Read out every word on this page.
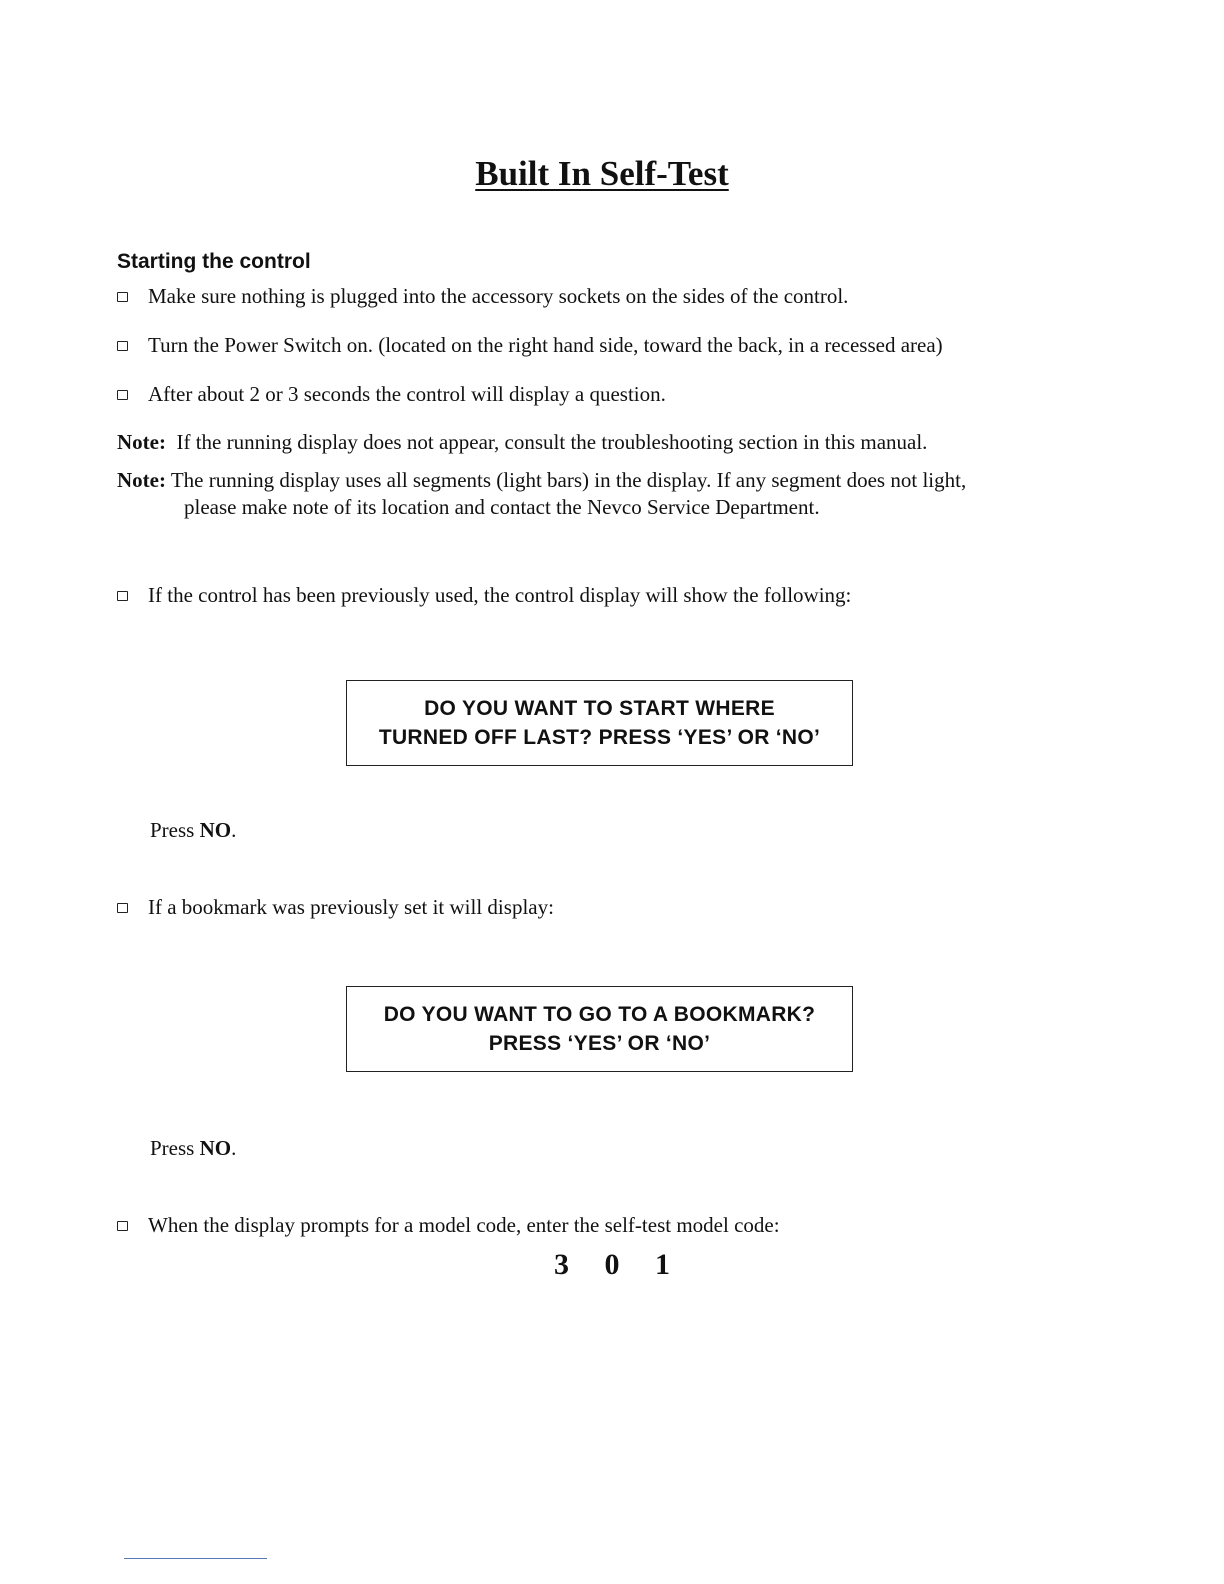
Built In Self-Test
Starting the control
Make sure nothing is plugged into the accessory sockets on the sides of the control.
Turn the Power Switch on. (located on the right hand side, toward the back, in a recessed area)
After about 2 or 3 seconds the control will display a question.
Note: If the running display does not appear, consult the troubleshooting section in this manual.
Note: The running display uses all segments (light bars) in the display. If any segment does not light,
please make note of its location and contact the Nevco Service Department.
If the control has been previously used, the control display will show the following:
DO YOU WANT TO START WHERE
TURNED OFF LAST? PRESS ‘YES’ OR ‘NO’
Press NO.
If a bookmark was previously set it will display:
DO YOU WANT TO GO TO A BOOKMARK?
PRESS ‘YES’ OR ‘NO’
Press NO.
When the display prompts for a model code, enter the self-test model code:
3 0 1
